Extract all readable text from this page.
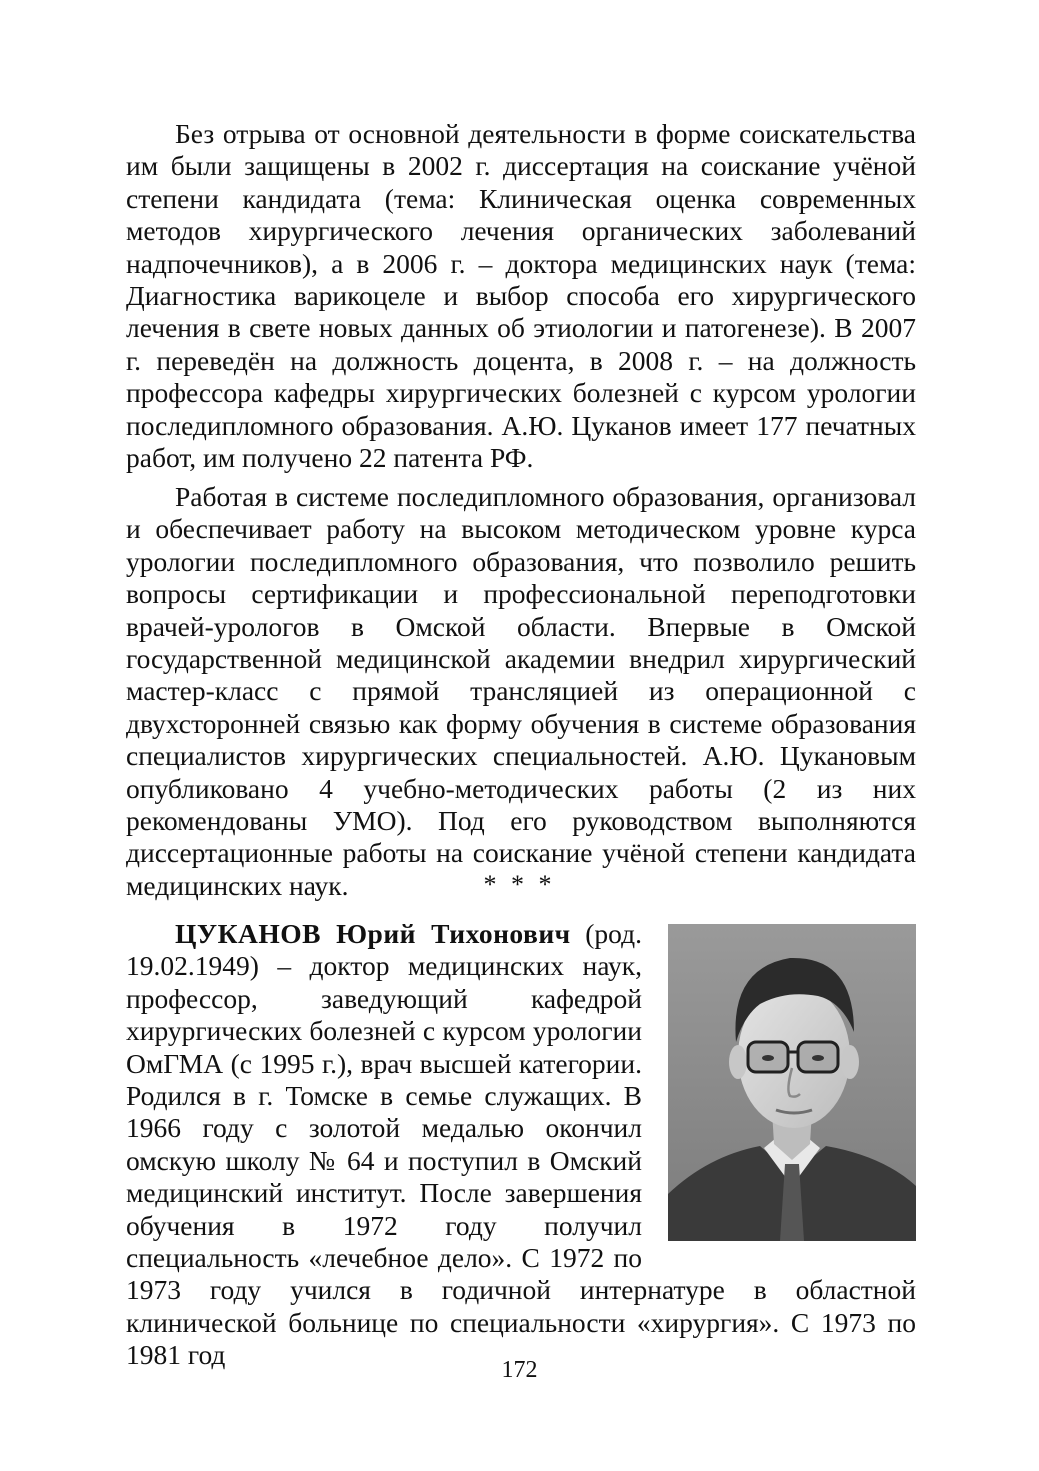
Без отрыва от основной деятельности в форме соискательства им были защищены в 2002 г. диссертация на соискание учёной степени кандидата (тема: Клиническая оценка современных методов хирургического лечения органических заболеваний надпочечников), а в 2006 г. – доктора медицинских наук (тема: Диагностика варикоцеле и выбор способа его хирургического лечения в свете новых данных об этиологии и патогенезе). В 2007 г. переведён на должность доцента, в 2008 г. – на должность профессора кафедры хирургических болезней с курсом урологии последипломного образования. А.Ю. Цуканов имеет 177 печатных работ, им получено 22 патента РФ.

Работая в системе последипломного образования, организовал и обеспечивает работу на высоком методическом уровне курса урологии последипломного образования, что позволило решить вопросы сертификации и профессиональной переподготовки врачей-урологов в Омской области. Впервые в Омской государственной медицинской академии внедрил хирургический мастер-класс с прямой трансляцией из операционной с двухсторонней связью как форму обучения в системе образования специалистов хирургических специальностей. А.Ю. Цукановым опубликовано 4 учебно-методических работы (2 из них рекомендованы УМО). Под его руководством выполняются диссертационные работы на соискание учёной степени кандидата медицинских наук.	* * *

ЦУКАНОВ Юрий Тихонович (род. 19.02.1949) – доктор медицинских наук, профессор, заведующий кафедрой хирургических болезней с курсом урологии ОмГМА (с 1995 г.), врач высшей категории. Родился в г. Томске в семье служащих. В 1966 году с золотой медалью окончил омскую школу № 64 и поступил в Омский медицинский институт. После завершения обучения в 1972 году получил специальность «лечебное дело». С 1972 по 1973 году учился в годичной интернатуре в областной клинической больнице по специальности «хирургия». С 1973 по 1981 год	172
